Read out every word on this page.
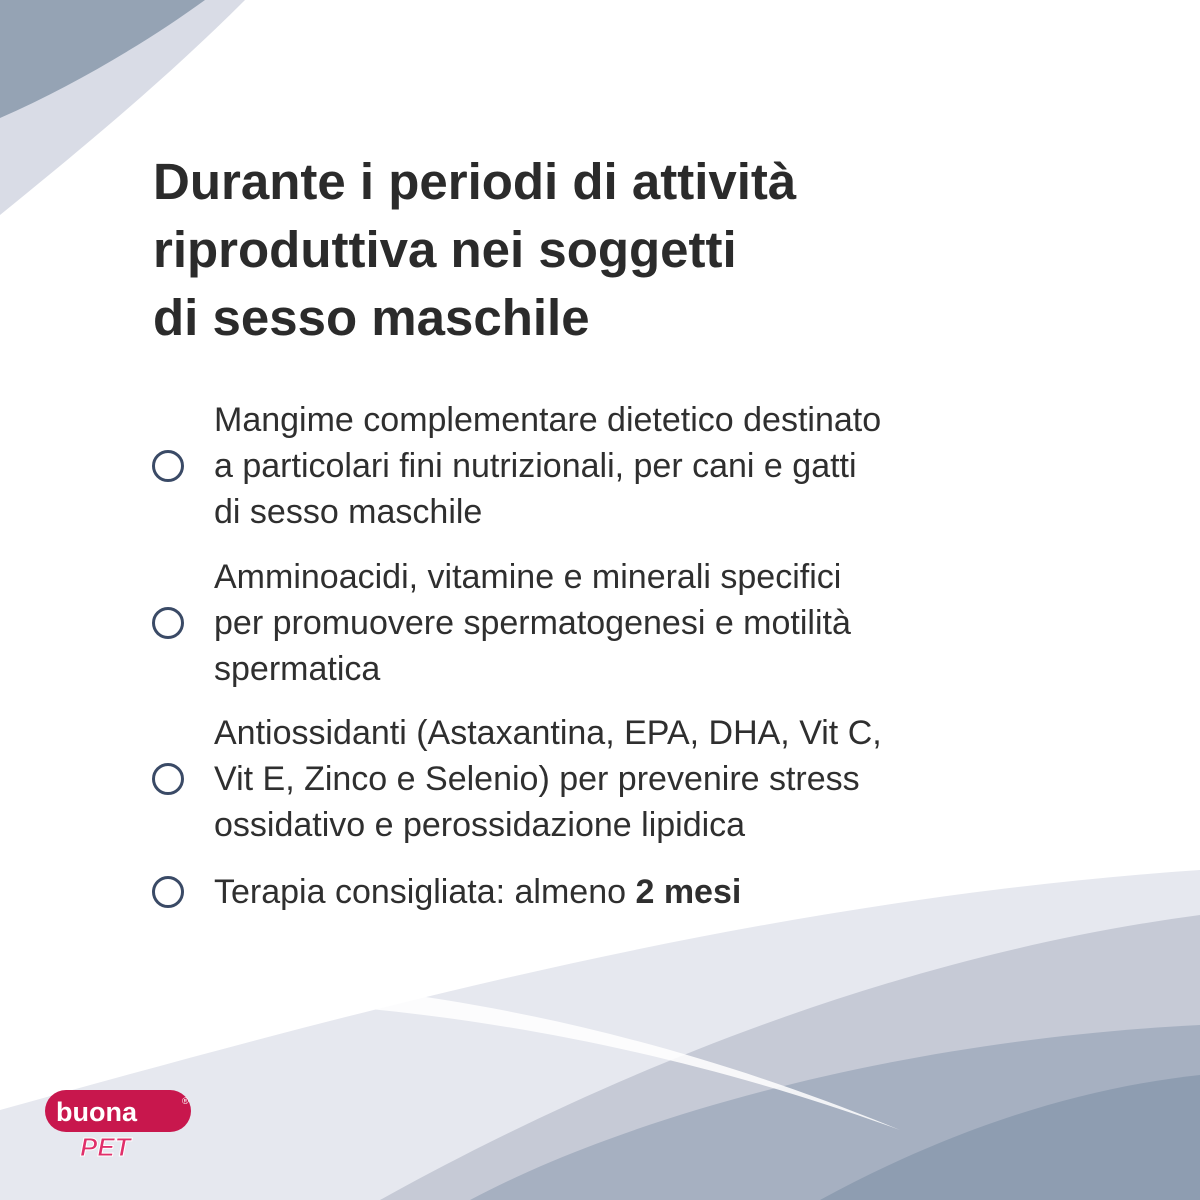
Durante i periodi di attività
riproduttiva nei soggetti
di sesso maschile
Mangime complementare dietetico destinato
a particolari fini nutrizionali, per cani e gatti
di sesso maschile
Amminoacidi, vitamine e minerali specifici
per promuovere spermatogenesi e motilità
spermatica
Antiossidanti (Astaxantina, EPA, DHA, Vit C,
Vit E, Zinco e Selenio) per prevenire stress
ossidativo e perossidazione lipidica
Terapia consigliata: almeno 2 mesi
buona	®
PET
